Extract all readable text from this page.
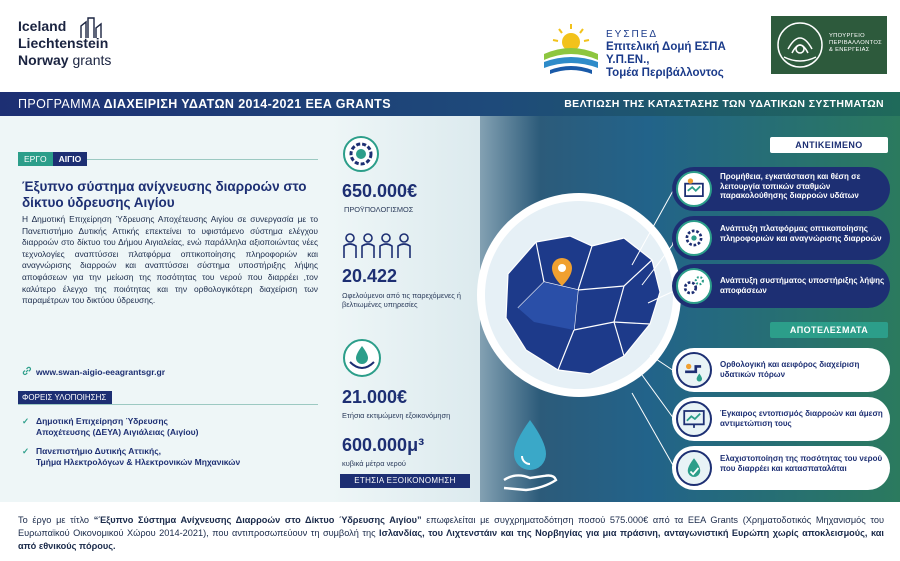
Iceland
Liechtenstein
Norway grants
ΕΥΣΠΕΔ
Επιτελική Δομή ΕΣΠΑ Υ.Π.ΕΝ.,
Τομέα Περιβάλλοντος
ΥΠΟΥΡΓΕΙΟ
ΠΕΡΙΒΑΛΛΟΝΤΟΣ
& ΕΝΕΡΓΕΙΑΣ
ΠΡΟΓΡΑΜΜΑ ΔΙΑΧΕΙΡΙΣΗ ΥΔΑΤΩΝ 2014-2021 EEA GRANTS	ΒΕΛΤΙΩΣΗ ΤΗΣ ΚΑΤΑΣΤΑΣΗΣ ΤΩΝ ΥΔΑΤΙΚΩΝ ΣΥΣΤΗΜΑΤΩΝ
ΕΡΓΟ ΑΙΓΙΟ
Έξυπνο σύστημα ανίχνευσης διαρροών στο δίκτυο ύδρευσης Αιγίου
Η Δημοτική Επιχείρηση Ύδρευσης Αποχέτευσης Αιγίου σε συνεργασία με το Πανεπιστήμιο Δυτικής Αττικής επεκτείνει το υφιστάμενο σύστημα ελέγχου διαρροών στο δίκτυο του Δήμου Αιγιαλείας, ενώ παράλληλα αξιοποιώντας νέες τεχνολογίες αναπτύσσει πλατφόρμα οπτικοποίησης πληροφοριών και αναγνώρισης διαρροών και αναπτύσσει σύστημα υποστήριξης λήψης αποφάσεων για την μείωση της ποσότητας του νερού που διαρρέει ,τον καλύτερο έλεγχο της ποιότητας και την ορθολογικότερη διαχείριση των παραμέτρων του δικτύου ύδρευσης.
www.swan-aigio-eeagrantsgr.gr
ΦΟΡΕΙΣ ΥΛΟΠΟΙΗΣΗΣ
✓ Δημοτική Επιχείρηση Ύδρευσης
Αποχέτευσης (ΔΕΥΑ) Αιγιάλειας (Αιγίου)
✓ Πανεπιστήμιο Δυτικής Αττικής,
Τμήμα Ηλεκτρολόγων & Ηλεκτρονικών Μηχανικών
650.000€
ΠΡΟΫΠΟΛΟΓΙΣΜΟΣ
20.422
Ωφελούμενοι από τις παρεχόμενες ή βελτιωμένες υπηρεσίες
21.000€
Ετήσια εκτιμώμενη εξοικονόμηση
600.000μ³
κυβικά μέτρα νερού
ΕΤΗΣΙΑ ΕΞΟΙΚΟΝΟΜΗΣΗ
ΑΝΤΙΚΕΙΜΕΝΟ
Προμήθεια, εγκατάσταση και θέση σε λειτουργία τοπικών σταθμών παρακολούθησης διαρροών υδάτων
Ανάπτυξη πλατφόρμας οπτικοποίησης πληροφοριών και αναγνώρισης διαρροών
Ανάπτυξη συστήματος υποστήριξης λήψης αποφάσεων
ΑΠΟΤΕΛΕΣΜΑΤΑ
Ορθολογική και αειφόρος διαχείριση υδατικών πόρων
Έγκαιρος εντοπισμός διαρροών και άμεση αντιμετώπιση τους
Ελαχιστοποίηση της ποσότητας του νερού που διαρρέει και κατασπαταλάται
Το έργο με τίτλο “Έξυπνο Σύστημα Ανίχνευσης Διαρροών στο Δίκτυο Ύδρευσης Αιγίου” επωφελείται με συγχρηματοδότηση ποσού 575.000€ από τα EEA Grants (Χρηματοδοτικός Μηχανισμός του Ευρωπαϊκού Οικονομικού Χώρου 2014-2021), που αντιπροσωπεύουν τη συμβολή της Ισλανδίας, του Λιχτενστάιν και της Νορβηγίας για μια πράσινη, ανταγωνιστική Ευρώπη χωρίς αποκλεισμούς, και από εθνικούς πόρους.
